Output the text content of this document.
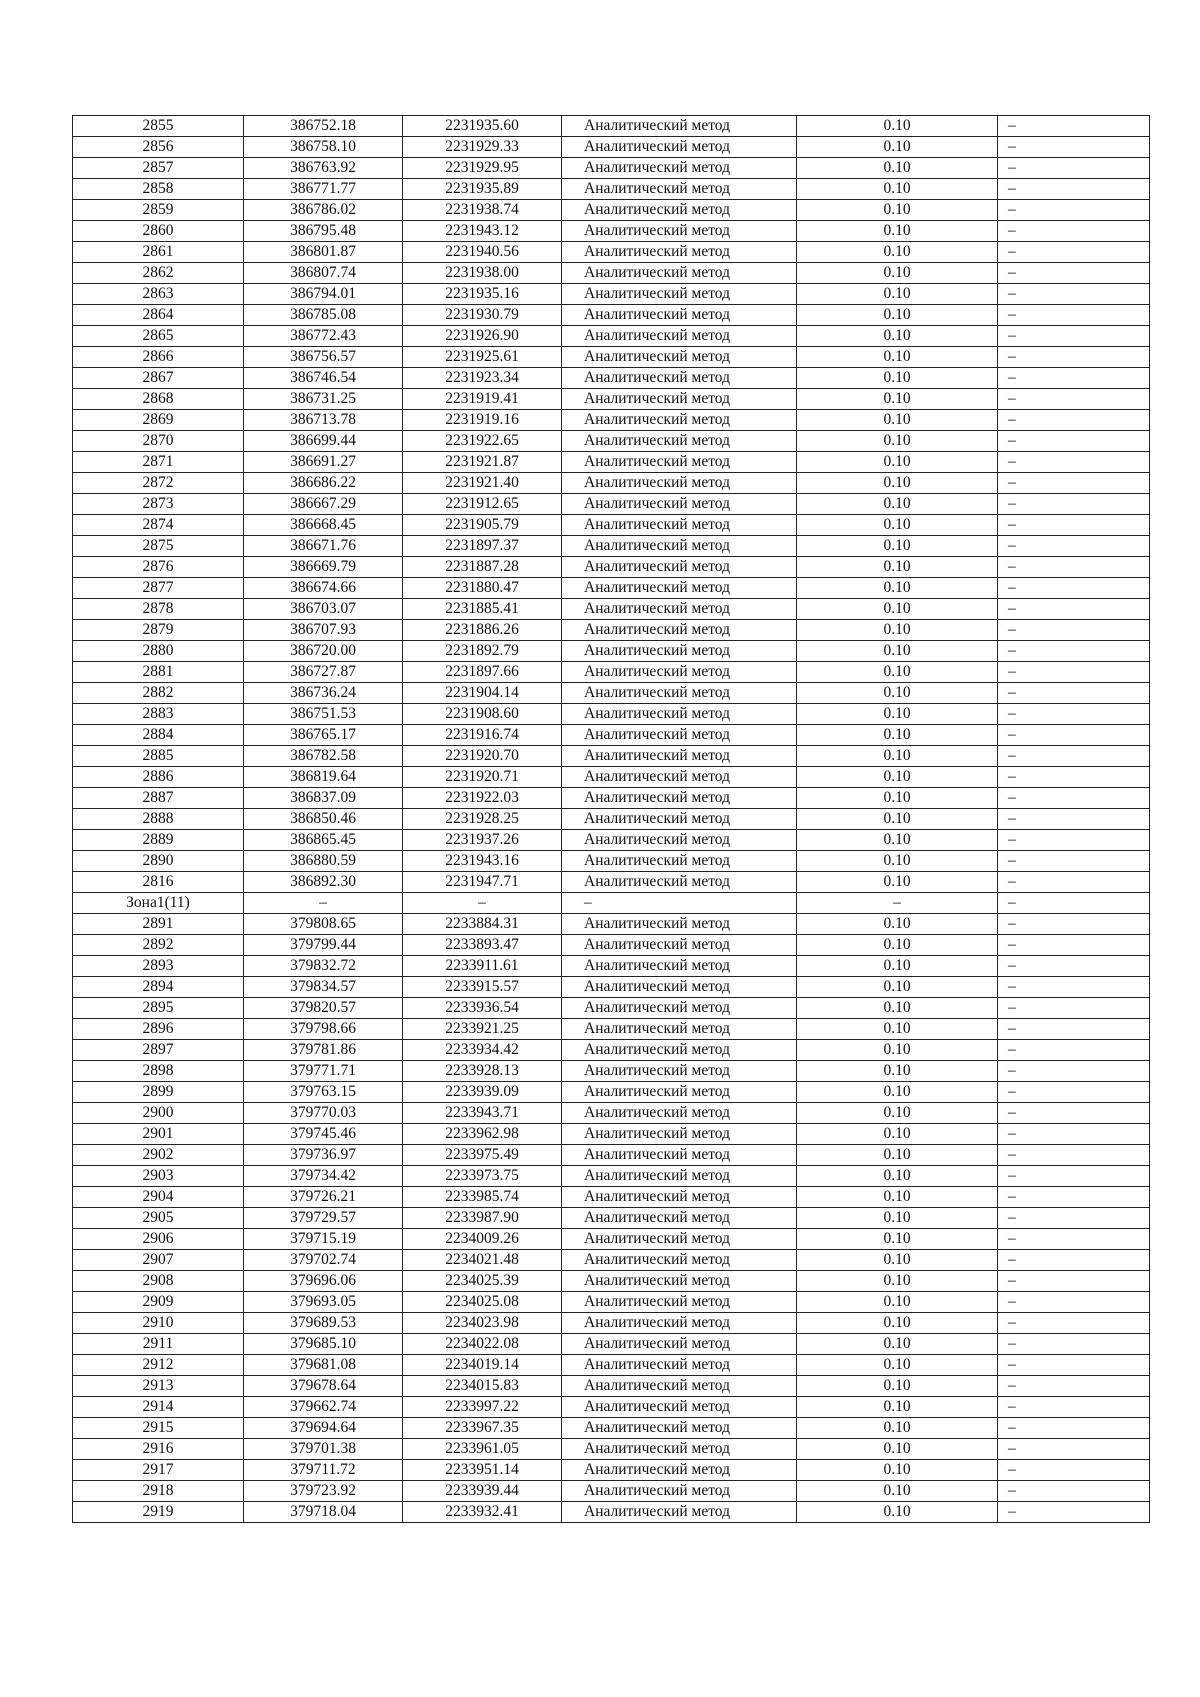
2855	386752.18	2231935.60	Аналитический метод	0.10	–
2856	386758.10	2231929.33	Аналитический метод	0.10	–
2857	386763.92	2231929.95	Аналитический метод	0.10	–
2858	386771.77	2231935.89	Аналитический метод	0.10	–
2859	386786.02	2231938.74	Аналитический метод	0.10	–
2860	386795.48	2231943.12	Аналитический метод	0.10	–
2861	386801.87	2231940.56	Аналитический метод	0.10	–
2862	386807.74	2231938.00	Аналитический метод	0.10	–
2863	386794.01	2231935.16	Аналитический метод	0.10	–
2864	386785.08	2231930.79	Аналитический метод	0.10	–
2865	386772.43	2231926.90	Аналитический метод	0.10	–
2866	386756.57	2231925.61	Аналитический метод	0.10	–
2867	386746.54	2231923.34	Аналитический метод	0.10	–
2868	386731.25	2231919.41	Аналитический метод	0.10	–
2869	386713.78	2231919.16	Аналитический метод	0.10	–
2870	386699.44	2231922.65	Аналитический метод	0.10	–
2871	386691.27	2231921.87	Аналитический метод	0.10	–
2872	386686.22	2231921.40	Аналитический метод	0.10	–
2873	386667.29	2231912.65	Аналитический метод	0.10	–
2874	386668.45	2231905.79	Аналитический метод	0.10	–
2875	386671.76	2231897.37	Аналитический метод	0.10	–
2876	386669.79	2231887.28	Аналитический метод	0.10	–
2877	386674.66	2231880.47	Аналитический метод	0.10	–
2878	386703.07	2231885.41	Аналитический метод	0.10	–
2879	386707.93	2231886.26	Аналитический метод	0.10	–
2880	386720.00	2231892.79	Аналитический метод	0.10	–
2881	386727.87	2231897.66	Аналитический метод	0.10	–
2882	386736.24	2231904.14	Аналитический метод	0.10	–
2883	386751.53	2231908.60	Аналитический метод	0.10	–
2884	386765.17	2231916.74	Аналитический метод	0.10	–
2885	386782.58	2231920.70	Аналитический метод	0.10	–
2886	386819.64	2231920.71	Аналитический метод	0.10	–
2887	386837.09	2231922.03	Аналитический метод	0.10	–
2888	386850.46	2231928.25	Аналитический метод	0.10	–
2889	386865.45	2231937.26	Аналитический метод	0.10	–
2890	386880.59	2231943.16	Аналитический метод	0.10	–
2816	386892.30	2231947.71	Аналитический метод	0.10	–
Зона1(11)	–	–	–	–	–
2891	379808.65	2233884.31	Аналитический метод	0.10	–
2892	379799.44	2233893.47	Аналитический метод	0.10	–
2893	379832.72	2233911.61	Аналитический метод	0.10	–
2894	379834.57	2233915.57	Аналитический метод	0.10	–
2895	379820.57	2233936.54	Аналитический метод	0.10	–
2896	379798.66	2233921.25	Аналитический метод	0.10	–
2897	379781.86	2233934.42	Аналитический метод	0.10	–
2898	379771.71	2233928.13	Аналитический метод	0.10	–
2899	379763.15	2233939.09	Аналитический метод	0.10	–
2900	379770.03	2233943.71	Аналитический метод	0.10	–
2901	379745.46	2233962.98	Аналитический метод	0.10	–
2902	379736.97	2233975.49	Аналитический метод	0.10	–
2903	379734.42	2233973.75	Аналитический метод	0.10	–
2904	379726.21	2233985.74	Аналитический метод	0.10	–
2905	379729.57	2233987.90	Аналитический метод	0.10	–
2906	379715.19	2234009.26	Аналитический метод	0.10	–
2907	379702.74	2234021.48	Аналитический метод	0.10	–
2908	379696.06	2234025.39	Аналитический метод	0.10	–
2909	379693.05	2234025.08	Аналитический метод	0.10	–
2910	379689.53	2234023.98	Аналитический метод	0.10	–
2911	379685.10	2234022.08	Аналитический метод	0.10	–
2912	379681.08	2234019.14	Аналитический метод	0.10	–
2913	379678.64	2234015.83	Аналитический метод	0.10	–
2914	379662.74	2233997.22	Аналитический метод	0.10	–
2915	379694.64	2233967.35	Аналитический метод	0.10	–
2916	379701.38	2233961.05	Аналитический метод	0.10	–
2917	379711.72	2233951.14	Аналитический метод	0.10	–
2918	379723.92	2233939.44	Аналитический метод	0.10	–
2919	379718.04	2233932.41	Аналитический метод	0.10	–
